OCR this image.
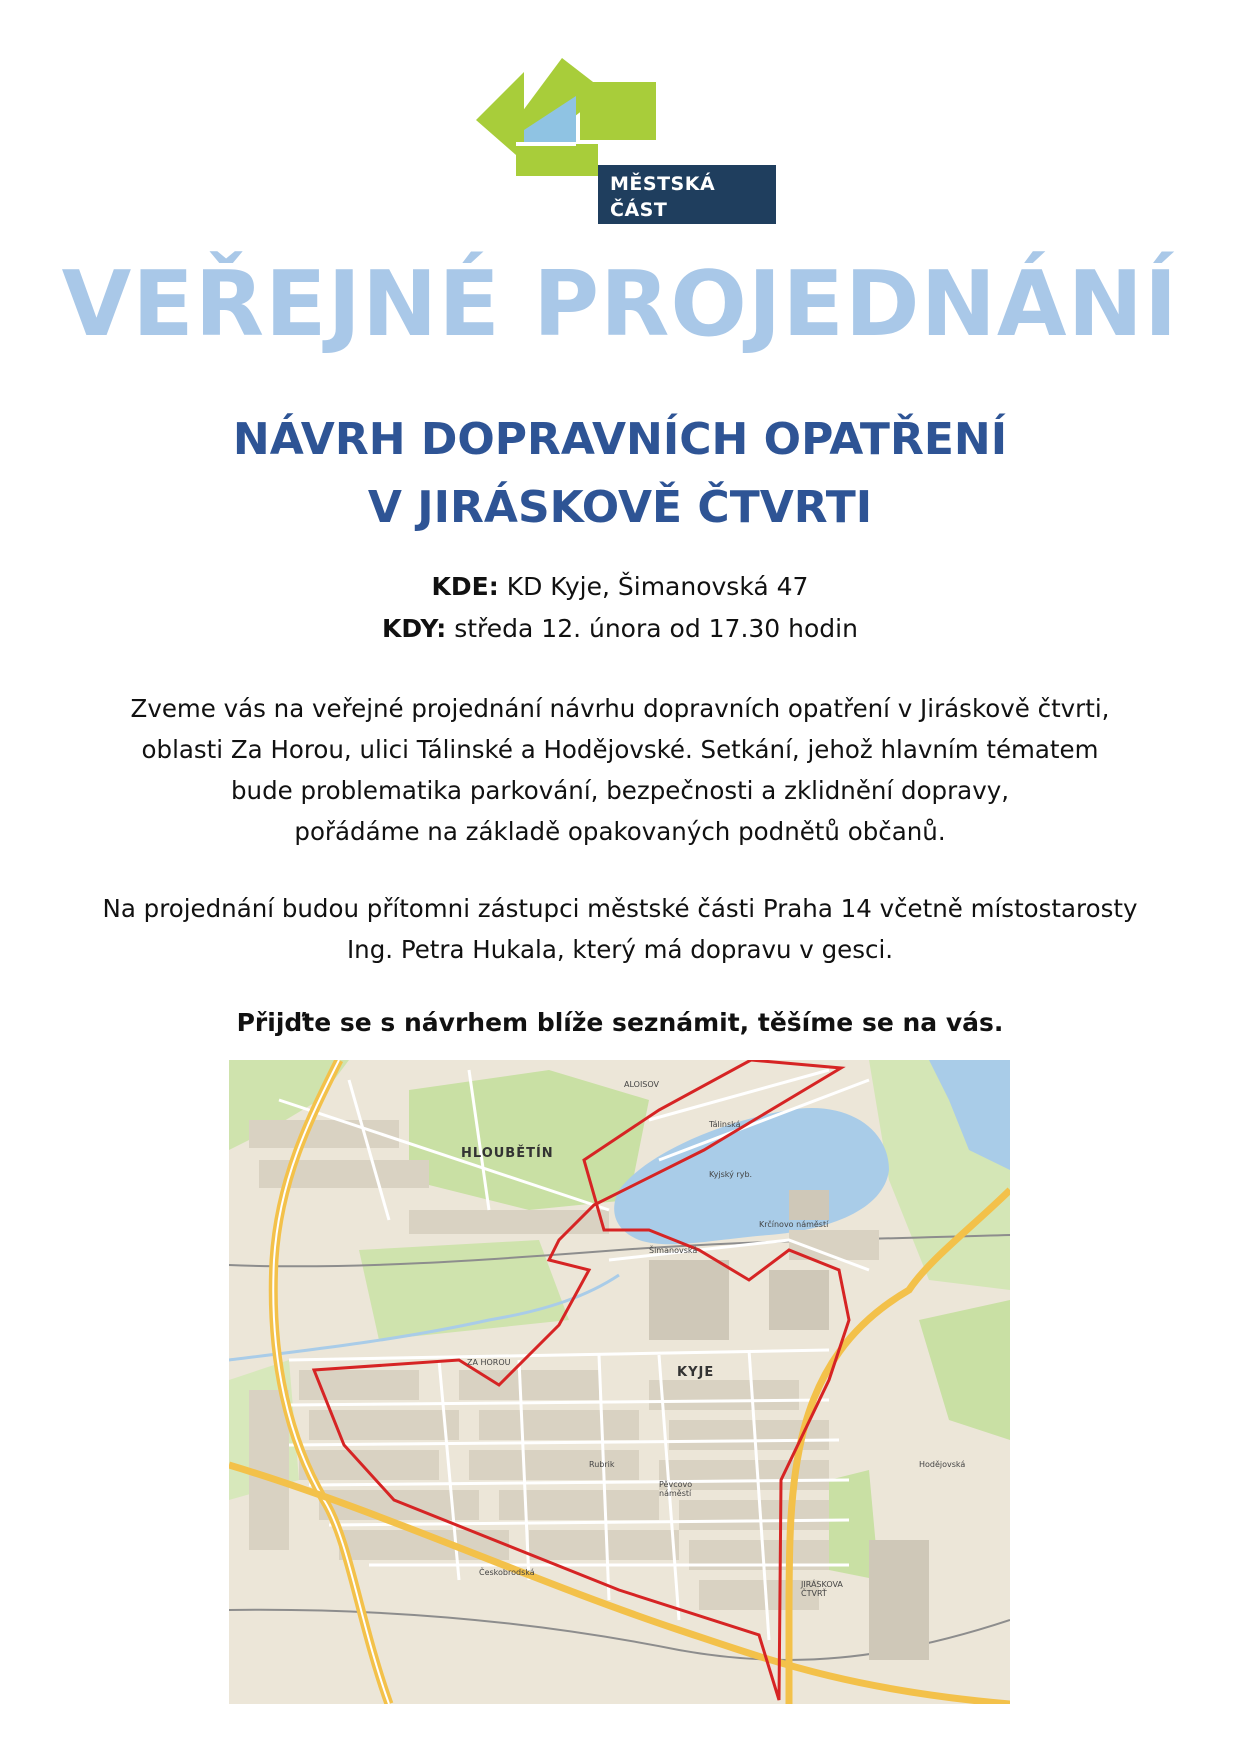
MĚSTSKÁ ČÁST
PRAHA 14
VEŘEJNÉ PROJEDNÁNÍ
NÁVRH DOPRAVNÍCH OPATŘENÍ
V JIRÁSKOVĚ ČTVRTI
KDE: KD Kyje, Šimanovská 47
KDY: středa 12. února od 17.30 hodin
Zveme vás na veřejné projednání návrhu dopravních opatření v Jiráskově čtvrti,
oblasti Za Horou, ulici Tálinské a Hodějovské. Setkání, jehož hlavním tématem
bude problematika parkování, bezpečnosti a zklidnění dopravy,
pořádáme na základě opakovaných podnětů občanů.
Na projednání budou přítomni zástupci městské části Praha 14 včetně místostarosty
Ing. Petra Hukala, který má dopravu v gesci.
Přijďte se s návrhem blíže seznámit, těšíme se na vás.
HLOUBĚTÍN
KYJE
ZA HOROU
ALOISOV
JIRÁSKOVA ČTVRŤ
Kyjský ryb.
Krčínovo náměstí
Rubrik
Pěvcovo náměstí
Českobrodská
Tálinská
Šimanovská
Hodějovská
